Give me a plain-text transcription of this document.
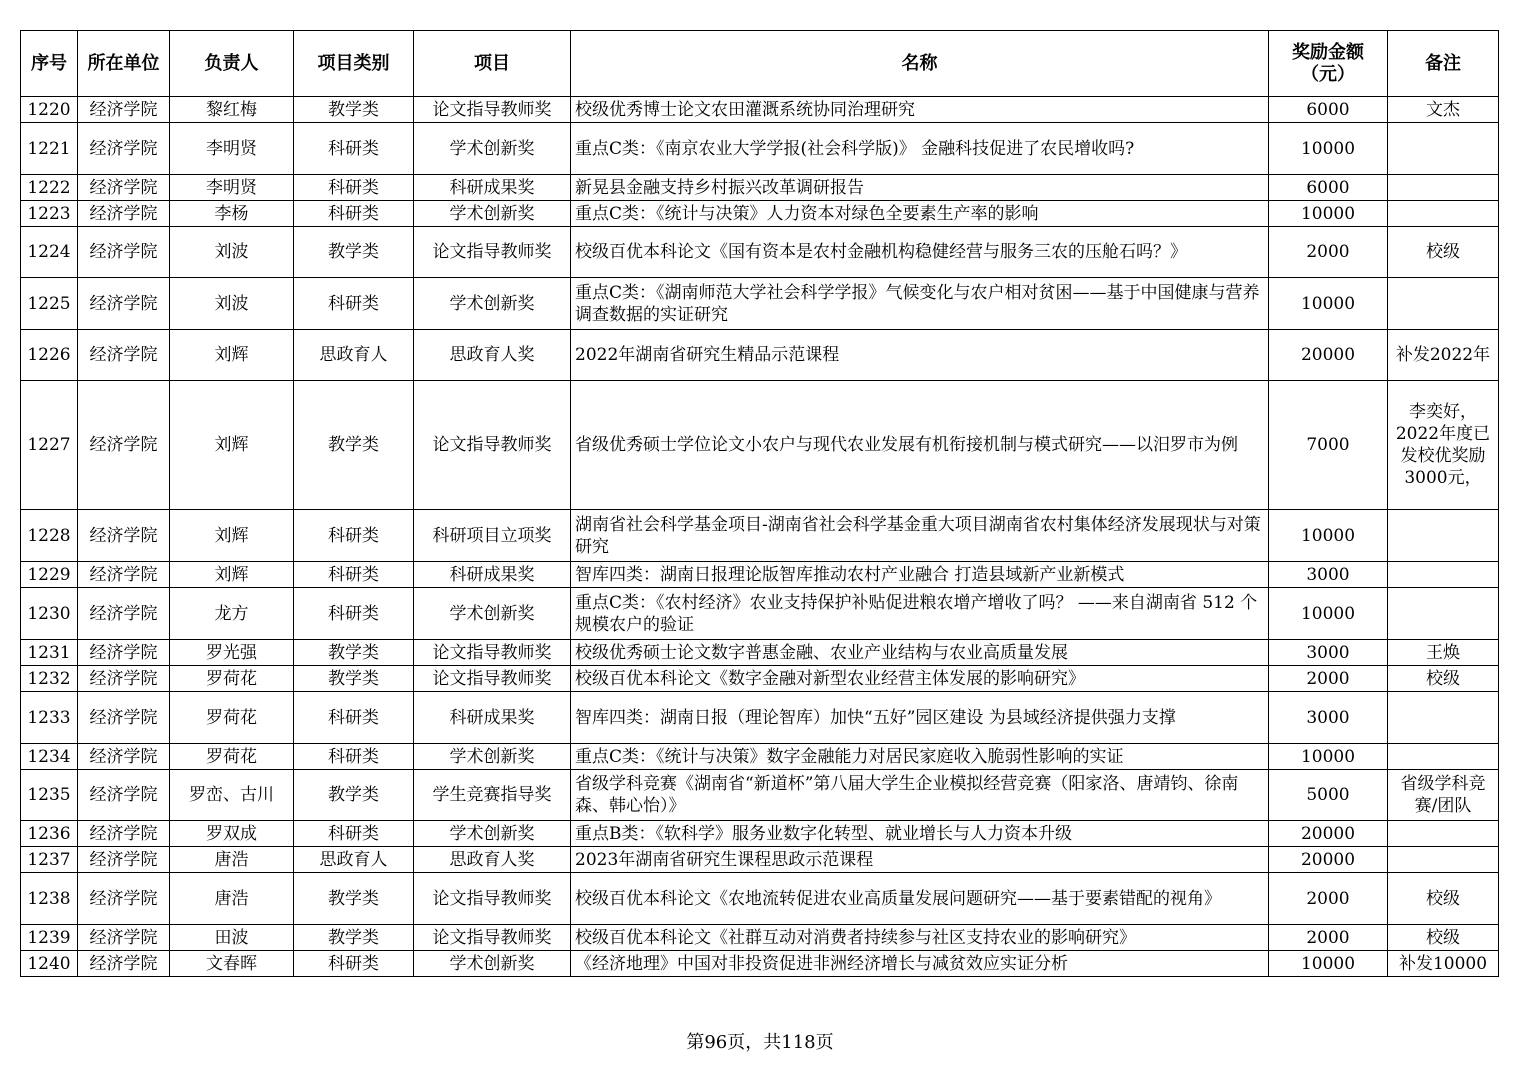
序号	所在单位	负责人	项目类别	项目	名称	奖励金额（元）	备注
1220	经济学院	黎红梅	教学类	论文指导教师奖	校级优秀博士论文农田灌溉系统协同治理研究	6000	文杰
1221	经济学院	李明贤	科研类	学术创新奖	重点C类：《南京农业大学学报(社会科学版)》 金融科技促进了农民增收吗?	10000	
1222	经济学院	李明贤	科研类	科研成果奖	新晃县金融支持乡村振兴改革调研报告	6000	
1223	经济学院	李杨	科研类	学术创新奖	重点C类：《统计与决策》人力资本对绿色全要素生产率的影响	10000	
1224	经济学院	刘波	教学类	论文指导教师奖	校级百优本科论文《国有资本是农村金融机构稳健经营与服务三农的压舱石吗？》	2000	校级
1225	经济学院	刘波	科研类	学术创新奖	重点C类：《湖南师范大学社会科学学报》气候变化与农户相对贫困——基于中国健康与营养调查数据的实证研究	10000	
1226	经济学院	刘辉	思政育人	思政育人奖	2022年湖南省研究生精品示范课程	20000	补发2022年
1227	经济学院	刘辉	教学类	论文指导教师奖	省级优秀硕士学位论文小农户与现代农业发展有机衔接机制与模式研究——以汨罗市为例	7000	李奕好，2022年度已发校优奖励3000元，
1228	经济学院	刘辉	科研类	科研项目立项奖	湖南省社会科学基金项目-湖南省社会科学基金重大项目湖南省农村集体经济发展现状与对策研究	10000	
1229	经济学院	刘辉	科研类	科研成果奖	智库四类：湖南日报理论版智库推动农村产业融合 打造县域新产业新模式	3000	
1230	经济学院	龙方	科研类	学术创新奖	重点C类：《农村经济》农业支持保护补贴促进粮农增产增收了吗？ ——来自湖南省 512 个规模农户的验证	10000	
1231	经济学院	罗光强	教学类	论文指导教师奖	校级优秀硕士论文数字普惠金融、农业产业结构与农业高质量发展	3000	王焕
1232	经济学院	罗荷花	教学类	论文指导教师奖	校级百优本科论文《数字金融对新型农业经营主体发展的影响研究》	2000	校级
1233	经济学院	罗荷花	科研类	科研成果奖	智库四类：湖南日报（理论智库）加快“五好”园区建设 为县域经济提供强力支撑	3000	
1234	经济学院	罗荷花	科研类	学术创新奖	重点C类：《统计与决策》数字金融能力对居民家庭收入脆弱性影响的实证	10000	
1235	经济学院	罗峦、古川	教学类	学生竞赛指导奖	省级学科竞赛《湖南省“新道杯”第八届大学生企业模拟经营竞赛（阳家洛、唐靖钧、徐南森、韩心怡）》	5000	省级学科竞赛/团队
1236	经济学院	罗双成	科研类	学术创新奖	重点B类：《软科学》服务业数字化转型、就业增长与人力资本升级	20000	
1237	经济学院	唐浩	思政育人	思政育人奖	2023年湖南省研究生课程思政示范课程	20000	
1238	经济学院	唐浩	教学类	论文指导教师奖	校级百优本科论文《农地流转促进农业高质量发展问题研究——基于要素错配的视角》	2000	校级
1239	经济学院	田波	教学类	论文指导教师奖	校级百优本科论文《社群互动对消费者持续参与社区支持农业的影响研究》	2000	校级
1240	经济学院	文春晖	科研类	学术创新奖	《经济地理》中国对非投资促进非洲经济增长与减贫效应实证分析	10000	补发10000
第96页，共118页
